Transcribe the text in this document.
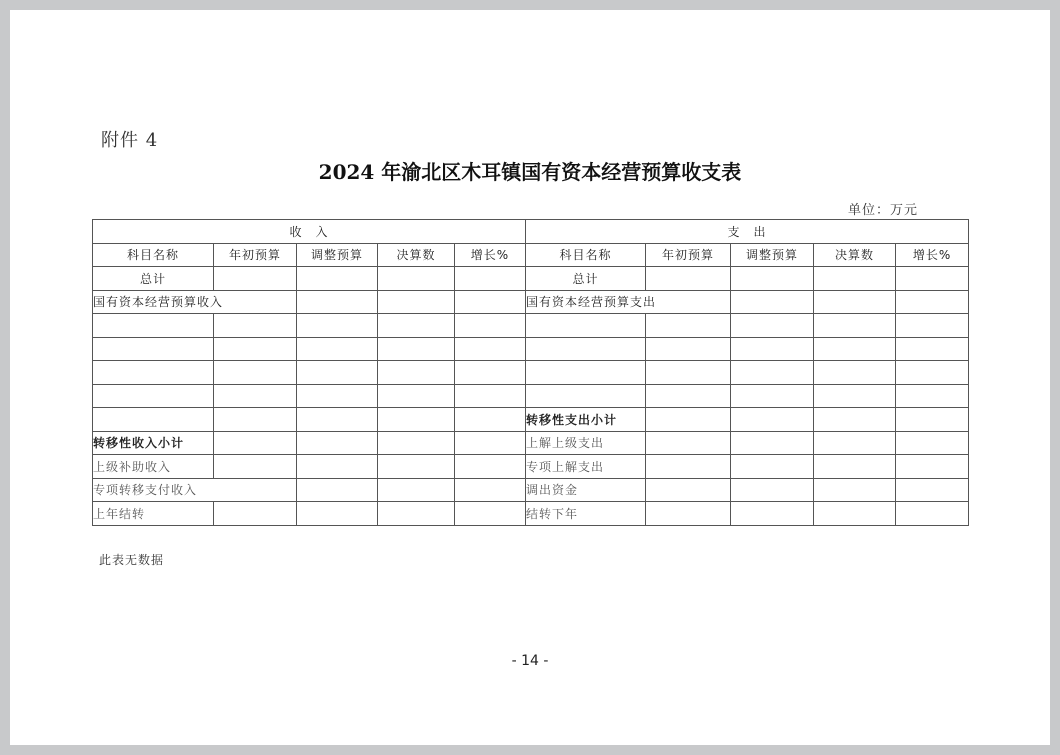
附件 4
2024 年渝北区木耳镇国有资本经营预算收支表
单位：万元
收　入					支　出				
科目名称	年初预算	调整预算	决算数	增长%	科目名称	年初预算	调整预算	决算数	增长%
总计					总计				
国有资本经营预算收入					国有资本经营预算支出				

					转移性支出小计				
转移性收入小计					上解上级支出				
上级补助收入					专项上解支出				
专项转移支付收入					调出资金				
上年结转					结转下年				
此表无数据
- 14 -
